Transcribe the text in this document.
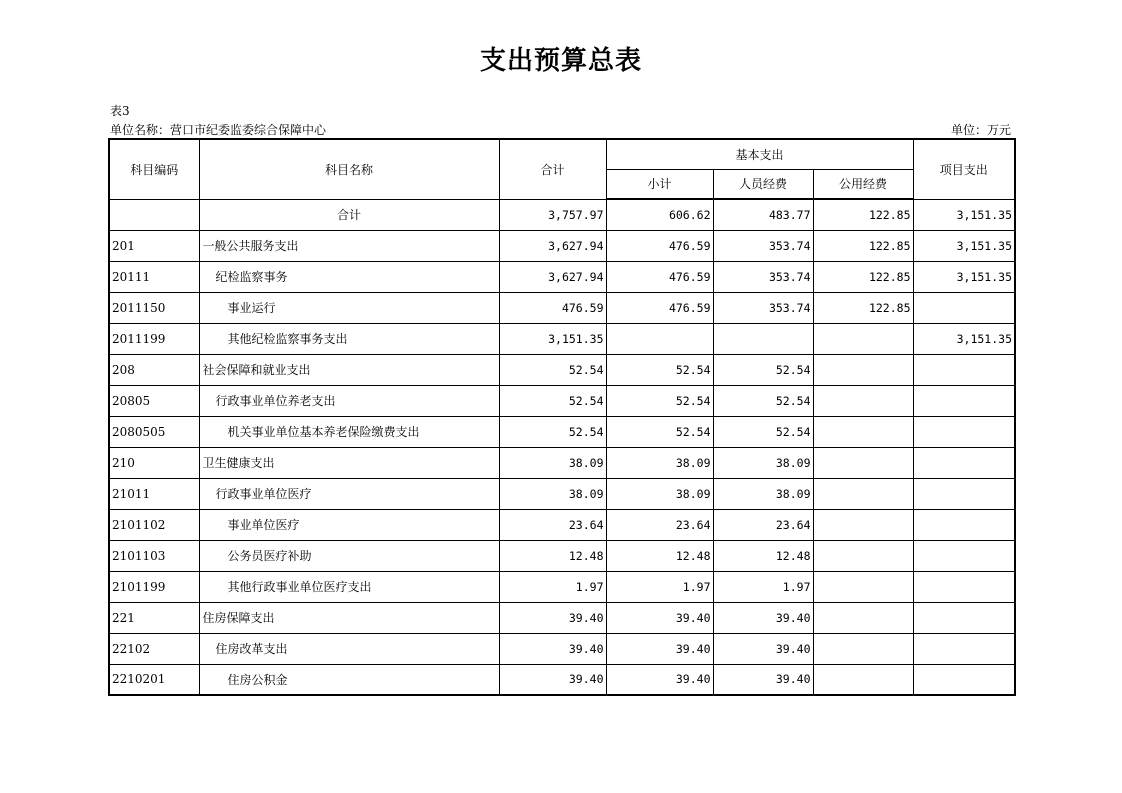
支出预算总表
表3
单位名称：营口市纪委监委综合保障中心	单位：万元
科目编码	科目名称	合计	基本支出			项目支出
			小计	人员经费	公用经费	
	合计	3,757.97	606.62	483.77	122.85	3,151.35
201	一般公共服务支出	3,627.94	476.59	353.74	122.85	3,151.35
20111	纪检监察事务	3,627.94	476.59	353.74	122.85	3,151.35
2011150	事业运行	476.59	476.59	353.74	122.85	
2011199	其他纪检监察事务支出	3,151.35				3,151.35
208	社会保障和就业支出	52.54	52.54	52.54		
20805	行政事业单位养老支出	52.54	52.54	52.54		
2080505	机关事业单位基本养老保险缴费支出	52.54	52.54	52.54		
210	卫生健康支出	38.09	38.09	38.09		
21011	行政事业单位医疗	38.09	38.09	38.09		
2101102	事业单位医疗	23.64	23.64	23.64		
2101103	公务员医疗补助	12.48	12.48	12.48		
2101199	其他行政事业单位医疗支出	1.97	1.97	1.97		
221	住房保障支出	39.40	39.40	39.40		
22102	住房改革支出	39.40	39.40	39.40		
2210201	住房公积金	39.40	39.40	39.40		
